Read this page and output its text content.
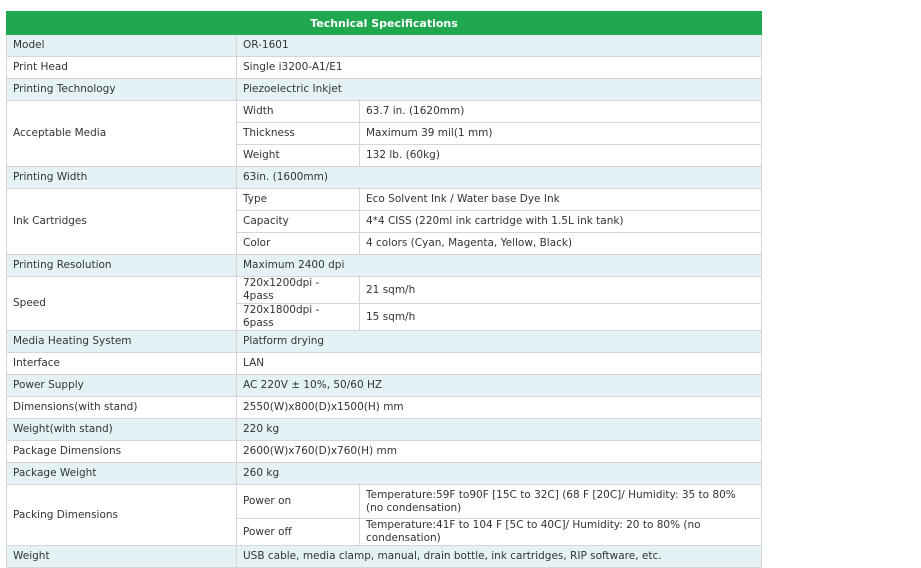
Technical Specifications		
Model	OR-1601	
Print Head	Single i3200-A1/E1	
Printing Technology	Piezoelectric Inkjet	
Acceptable Media	Width	63.7 in. (1620mm)
	Thickness	Maximum 39 mil(1 mm)
	Weight	132 lb. (60kg)
Printing Width	63in. (1600mm)	
Ink Cartridges	Type	Eco Solvent Ink / Water base Dye Ink
	Capacity	4*4 CISS (220ml ink cartridge with 1.5L ink tank)
	Color	4 colors (Cyan, Magenta, Yellow, Black)
Printing Resolution	Maximum 2400 dpi	
Speed	720x1200dpi - 4pass	21 sqm/h
	720x1800dpi - 6pass	15 sqm/h
Media Heating System	Platform drying	
Interface	LAN	
Power Supply	AC 220V ± 10%, 50/60 HZ	
Dimensions(with stand)	2550(W)x800(D)x1500(H) mm	
Weight(with stand)	220 kg	
Package Dimensions	2600(W)x760(D)x760(H) mm	
Package Weight	260 kg	
Packing Dimensions	Power on	Temperature:59F to90F [15C to 32C] (68 F [20C]/ Humidity: 35 to 80% (no condensation)
	Power off	Temperature:41F to 104 F [5C to 40C]/ Humidity: 20 to 80% (no condensation)
Weight	USB cable, media clamp, manual, drain bottle, ink cartridges, RIP software, etc.	
